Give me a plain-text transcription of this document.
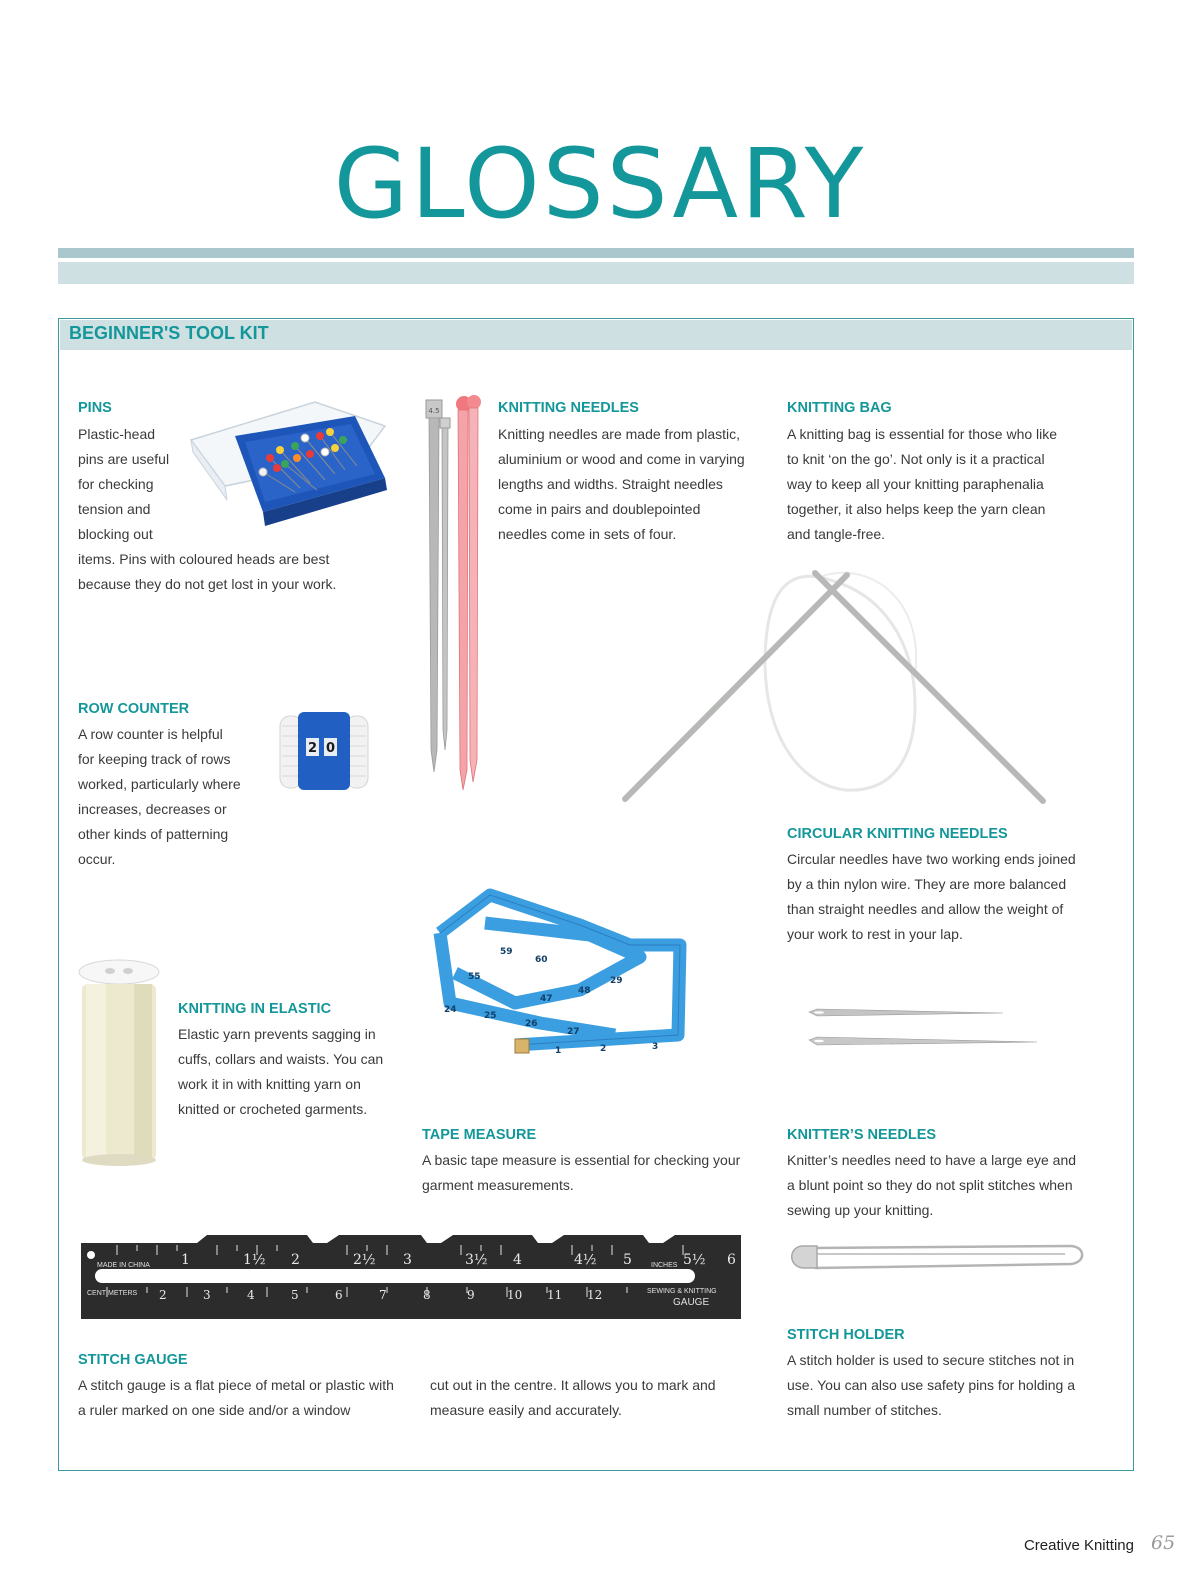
GLOSSARY
BEGINNER'S TOOL KIT
PINS
Plastic-head
pins are useful
for checking
tension and
blocking out
items. Pins with coloured heads are best
because they do not get lost in your work.
4.5	KNITTING NEEDLES
Knitting needles are made from plastic,
aluminium or wood and come in varying
lengths and widths. Straight needles
come in pairs and doublepointed
needles come in sets of four.
KNITTING BAG
A knitting bag is essential for those who like
to knit ‘on the go’. Not only is it a practical
way to keep all your knitting paraphenalia
together, it also helps keep the yarn clean
and tangle-free.
ROW COUNTER
A row counter is helpful
for keeping track of rows
worked, particularly where
increases, decreases or
other kinds of patterning
occur.
2 0
CIRCULAR KNITTING NEEDLES
Circular needles have two working ends joined
by a thin nylon wire. They are more balanced
than straight needles and allow the weight of
your work to rest in your lap.
KNITTING IN ELASTIC
Elastic yarn prevents sagging in
cuffs, collars and waists. You can
work it in with knitting yarn on
knitted or crocheted garments.
59
60
24
25
26
27
1	2	3
47
48
29
55
TAPE MEASURE
A basic tape measure is essential for checking your
garment measurements.
KNITTER’S NEEDLES
Knitter’s needles need to have a large eye and
a blunt point so they do not split stitches when
sewing up your knitting.
1	1½ 2	2½ 3	3½ 4	4½ 5	5½ 6
2	3	4	5	6	7	8	9	10 11 12
MADE IN CHINA	INCHES
CENTIMETERS	SEWING & KNITTING
GAUGE
STITCH HOLDER
A stitch holder is used to secure stitches not in
use. You can also use safety pins for holding a
small number of stitches.
STITCH GAUGE
A stitch gauge is a flat piece of metal or plastic with
a ruler marked on one side and/or a window
cut out in the centre. It allows you to mark and
measure easily and accurately.
Creative Knitting 65
